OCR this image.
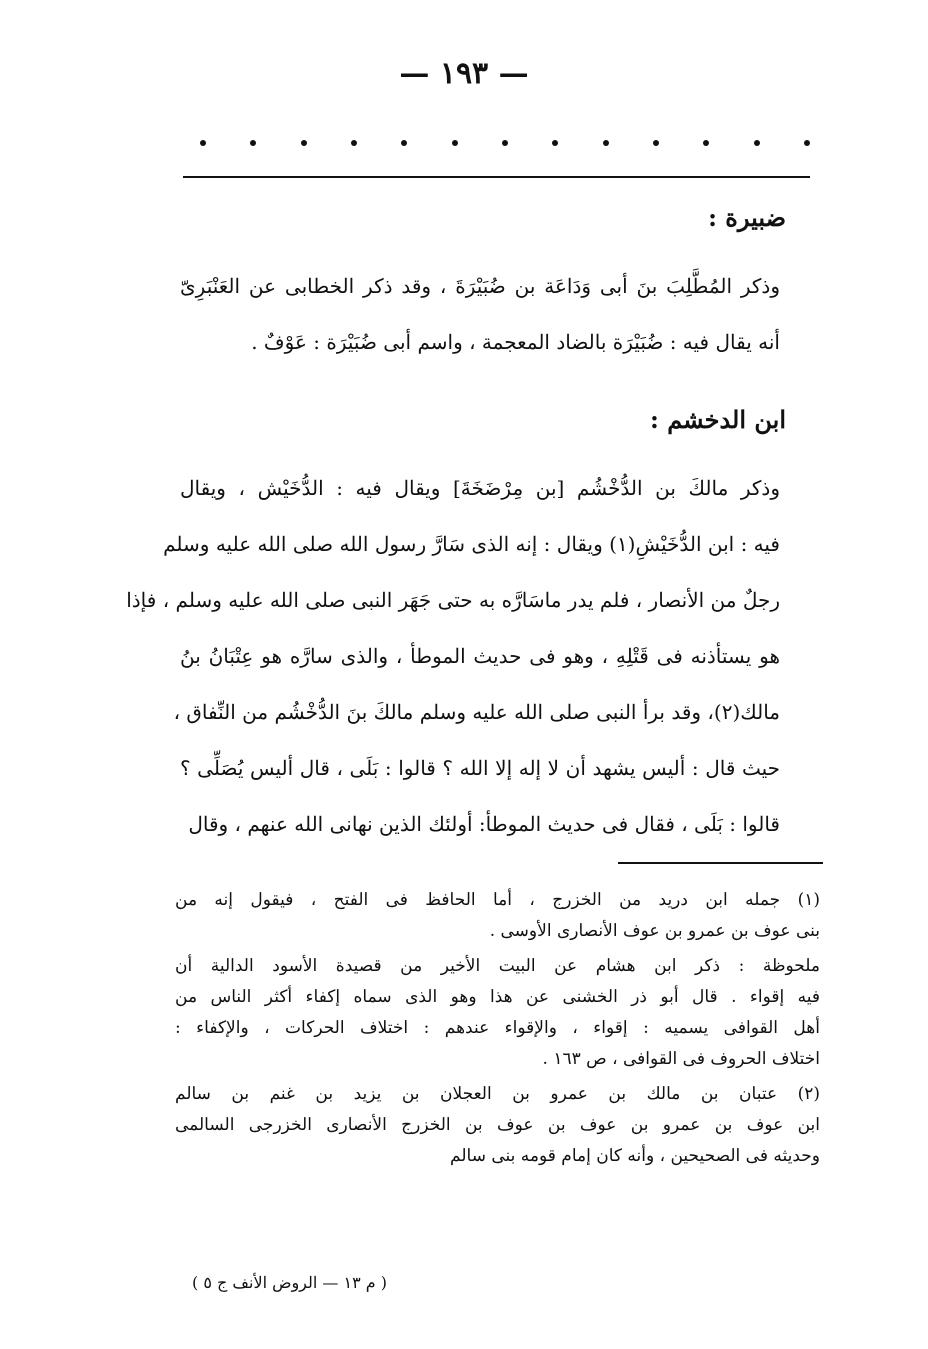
— ١٩٣ —
ضبيرة :
وذكر المُطَّلِبَ بنَ أبى وَدَاعَة بن ضُبَيْرَةَ ، وقد ذكر الخطابى عن العَنْبَرِىّ
أنه يقال فيه : ضُبَيْرَة بالضاد المعجمة ، واسم أبى ضُبَيْرَة : عَوْفٌ .
ابن الدخشم :
وذكر مالكَ بن الدُّخْشُم [بن مِرْضَخَةَ] ويقال فيه : الدُّخَيْش ، ويقال
فيه : ابن الدُّخَيْشِ(١) ويقال : إنه الذى سَارَّ رسول الله صلى الله عليه وسلم
رجلٌ من الأنصار ، فلم يدر ماسَارَّه به حتى جَهَر النبى صلى الله عليه وسلم ، فإذا
هو يستأذنه فى قَتْلِهِ ، وهو فى حديث الموطأ ، والذى سارَّه هو عِتْبَانُ بنُ
مالك(٢)، وقد برأ النبى صلى الله عليه وسلم مالكَ بنَ الدُّخْشُم من النِّفاق ،
حيث قال : أليس يشهد أن لا إله إلا الله ؟ قالوا : بَلَى ، قال أليس يُصَلِّى ؟
قالوا : بَلَى ، فقال فى حديث الموطأ: أولئك الذين نهانى الله عنهم ، وقال
(١) جمله ابن دريد من الخزرج ، أما الحافظ فى الفتح ، فيقول إنه من
بنى عوف بن عمرو بن عوف الأنصارى الأوسى .
ملحوظة : ذكر ابن هشام عن البيت الأخير من قصيدة الأسود الدالية أن
فيه إقواء . قال أبو ذر الخشنى عن هذا وهو الذى سماه إكفاء أكثر الناس من
أهل القوافى يسميه : إقواء ، والإقواء عندهم : اختلاف الحركات ، والإكفاء :
اختلاف الحروف فى القوافى ، ص ١٦٣ .
(٢) عتبان بن مالك بن عمرو بن العجلان بن يزيد بن غنم بن سالم
ابن عوف بن عمرو بن عوف بن عوف بن الخزرج الأنصارى الخزرجى السالمى
وحديثه فى الصحيحين ، وأنه كان إمام قومه بنى سالم
( م ١٣ — الروض الأنف ج ٥ )
